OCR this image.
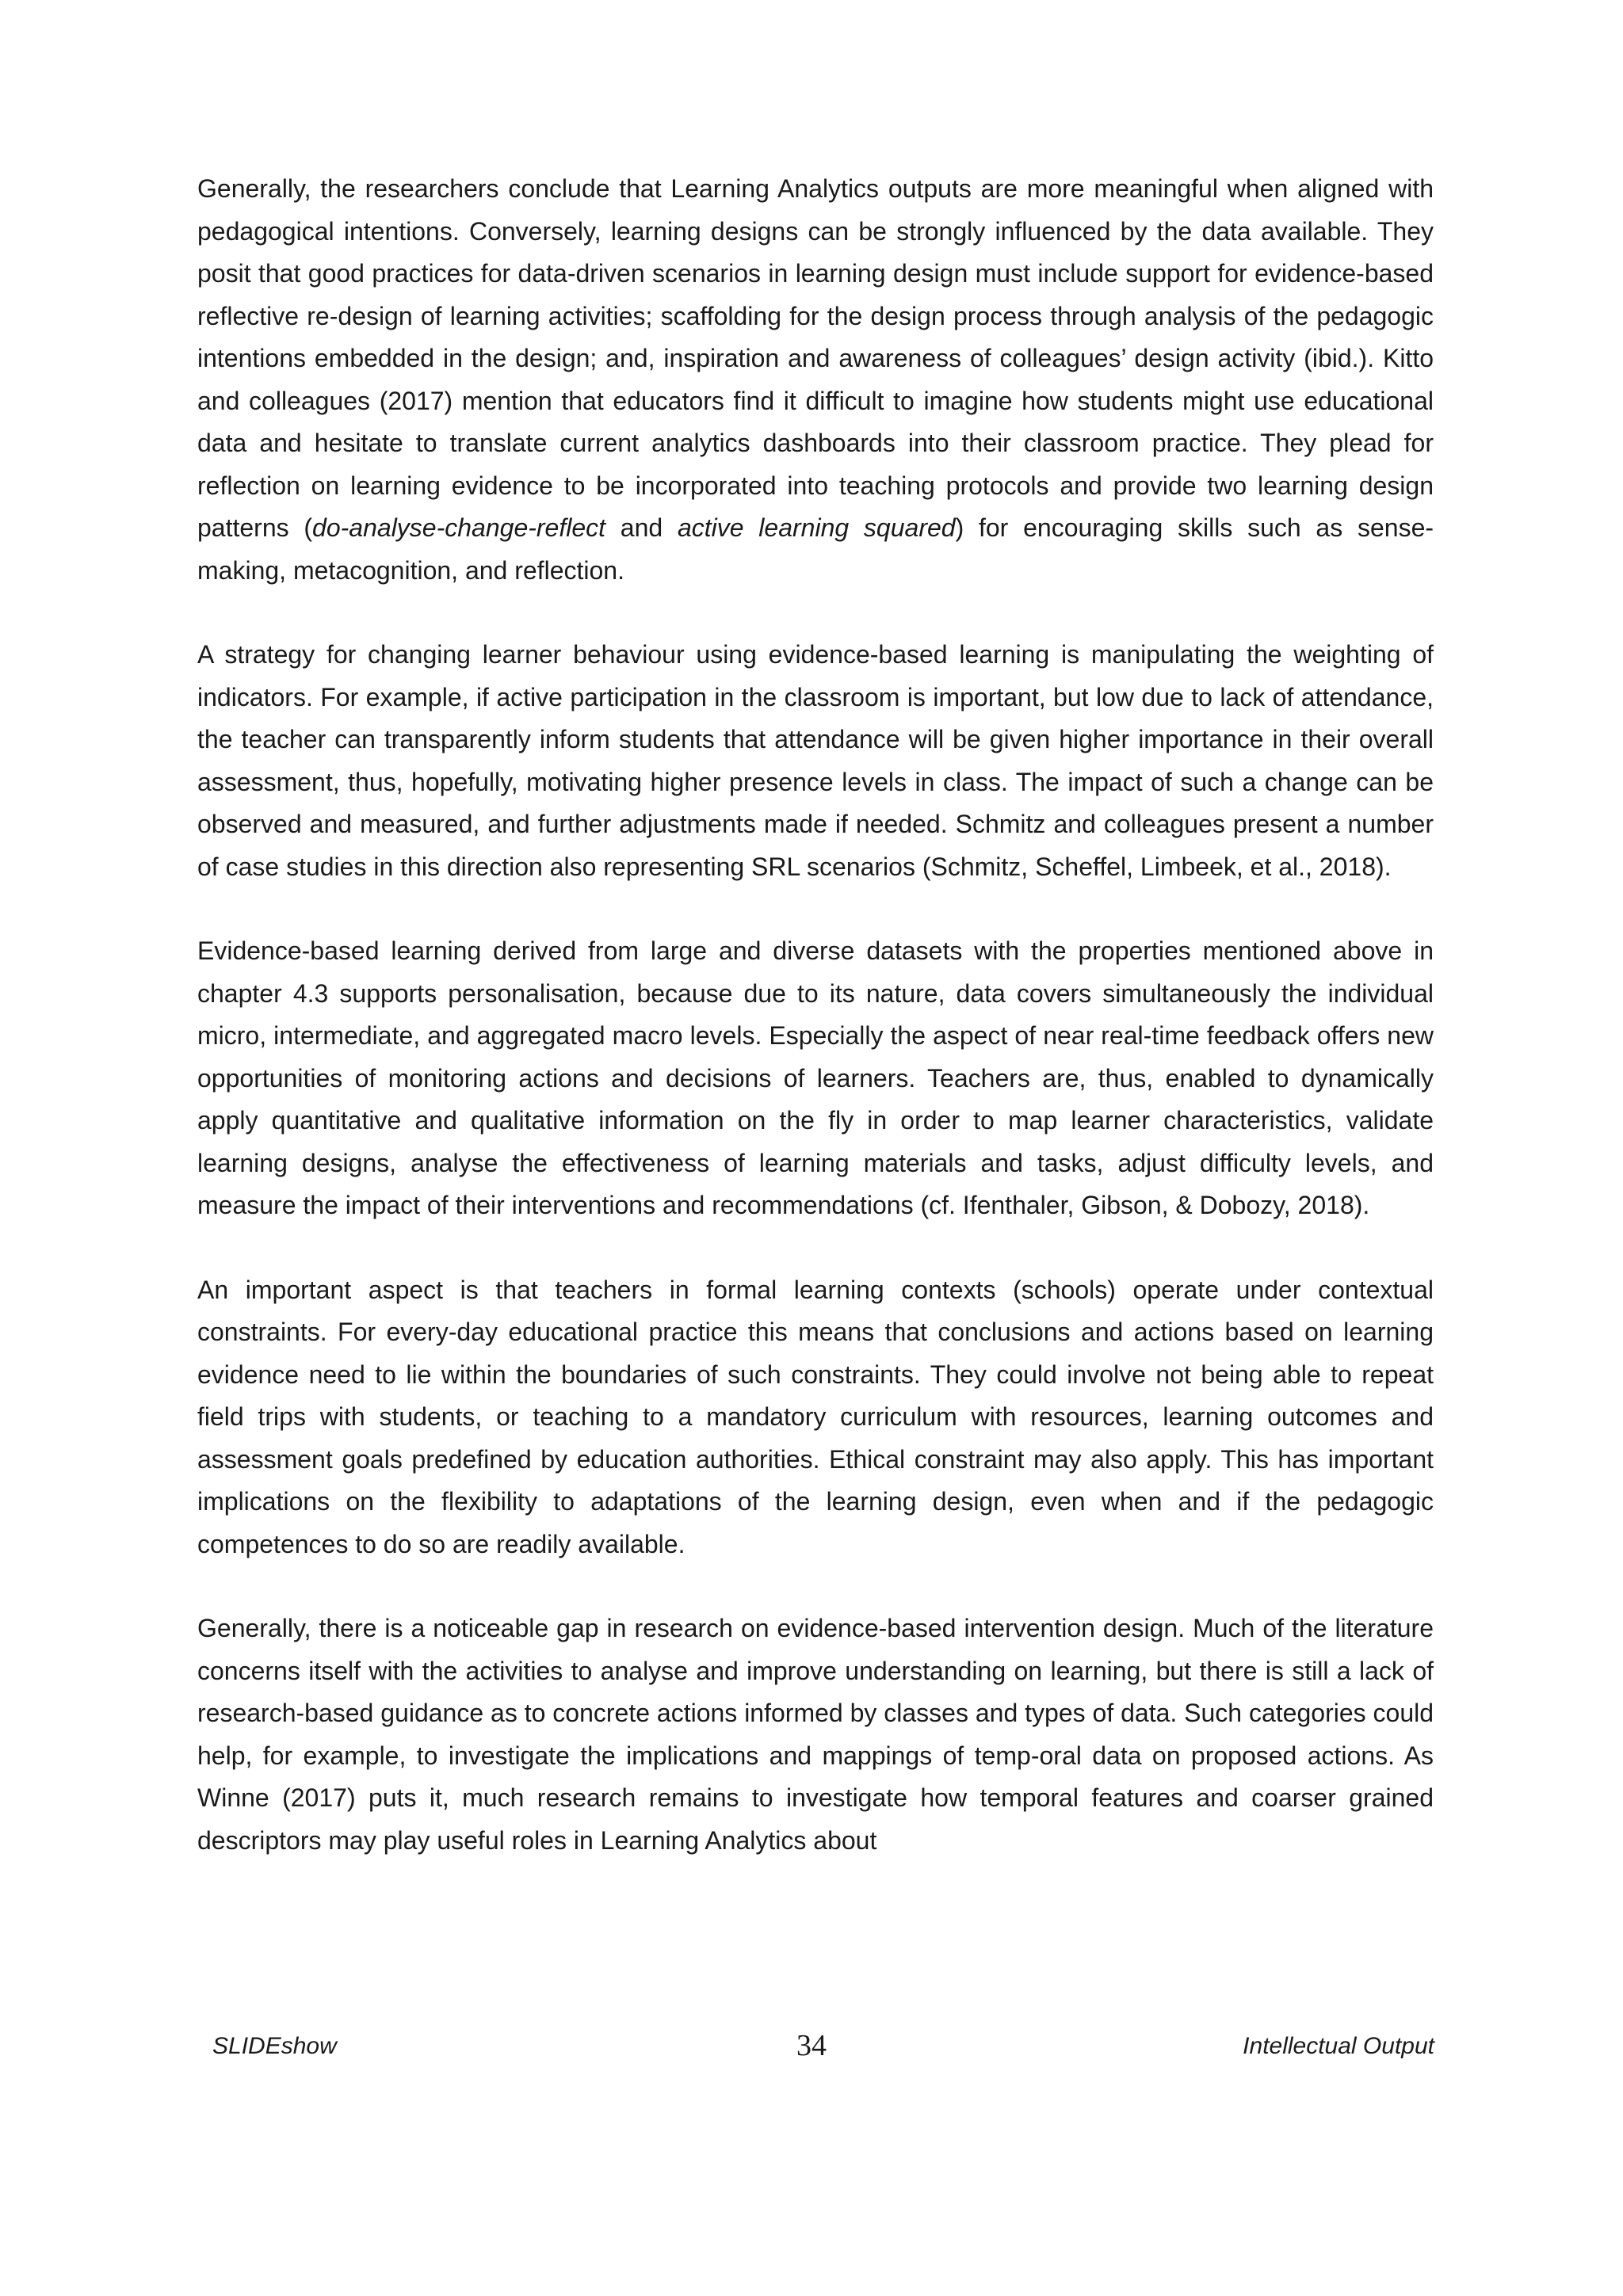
Generally, the researchers conclude that Learning Analytics outputs are more meaningful when aligned with pedagogical intentions. Conversely, learning designs can be strongly influenced by the data available. They posit that good practices for data-driven scenarios in learning design must include support for evidence-based reflective re-design of learning activities; scaffolding for the design process through analysis of the pedagogic intentions embedded in the design; and, inspiration and awareness of colleagues’ design activity (ibid.). Kitto and colleagues (2017) mention that educators find it difficult to imagine how students might use educational data and hesitate to translate current analytics dashboards into their classroom practice. They plead for reflection on learning evidence to be incorporated into teaching protocols and provide two learning design patterns (do-analyse-change-reflect and active learning squared) for encouraging skills such as sense-making, metacognition, and reflection.

A strategy for changing learner behaviour using evidence-based learning is manipulating the weighting of indicators. For example, if active participation in the classroom is important, but low due to lack of attendance, the teacher can transparently inform students that attendance will be given higher importance in their overall assessment, thus, hopefully, motivating higher presence levels in class. The impact of such a change can be observed and measured, and further adjustments made if needed. Schmitz and colleagues present a number of case studies in this direction also representing SRL scenarios (Schmitz, Scheffel, Limbeek, et al., 2018).

Evidence-based learning derived from large and diverse datasets with the properties mentioned above in chapter 4.3 supports personalisation, because due to its nature, data covers simultaneously the individual micro, intermediate, and aggregated macro levels. Especially the aspect of near real-time feedback offers new opportunities of monitoring actions and decisions of learners. Teachers are, thus, enabled to dynamically apply quantitative and qualitative information on the fly in order to map learner characteristics, validate learning designs, analyse the effectiveness of learning materials and tasks, adjust difficulty levels, and measure the impact of their interventions and recommendations (cf. Ifenthaler, Gibson, & Dobozy, 2018).

An important aspect is that teachers in formal learning contexts (schools) operate under contextual constraints. For every-day educational practice this means that conclusions and actions based on learning evidence need to lie within the boundaries of such constraints. They could involve not being able to repeat field trips with students, or teaching to a mandatory curriculum with resources, learning outcomes and assessment goals predefined by education authorities. Ethical constraint may also apply. This has important implications on the flexibility to adaptations of the learning design, even when and if the pedagogic competences to do so are readily available.

Generally, there is a noticeable gap in research on evidence-based intervention design. Much of the literature concerns itself with the activities to analyse and improve understanding on learning, but there is still a lack of research-based guidance as to concrete actions informed by classes and types of data. Such categories could help, for example, to investigate the implications and mappings of temp-oral data on proposed actions. As Winne (2017) puts it, much research remains to investigate how temporal features and coarser grained descriptors may play useful roles in Learning Analytics about

SLIDEshow	34	Intellectual Output
